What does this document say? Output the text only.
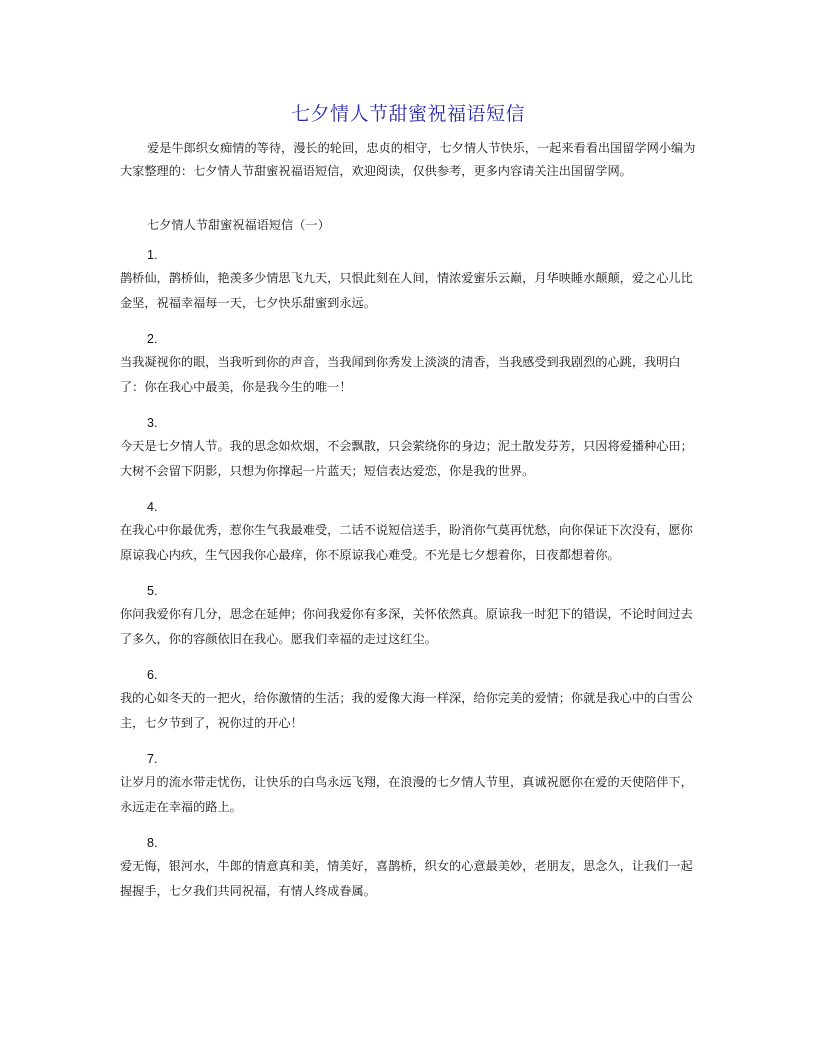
七夕情人节甜蜜祝福语短信
爱是牛郎织女痴情的等待，漫长的轮回，忠贞的相守，七夕情人节快乐，一起来看看出国留学网小编为大家整理的：七夕情人节甜蜜祝福语短信，欢迎阅读，仅供参考，更多内容请关注出国留学网。
七夕情人节甜蜜祝福语短信（一）
1.
鹊桥仙，鹊桥仙，艳羡多少情思飞九天，只恨此刻在人间，情浓爱蜜乐云巅，月华映睡水颠颠，爱之心儿比金坚，祝福幸福每一天，七夕快乐甜蜜到永远。
2.
当我凝视你的眼，当我听到你的声音，当我闻到你秀发上淡淡的清香，当我感受到我剧烈的心跳，我明白了：你在我心中最美，你是我今生的唯一！
3.
今天是七夕情人节。我的思念如炊烟，不会飘散，只会萦绕你的身边；泥土散发芬芳，只因将爱播种心田；大树不会留下阴影，只想为你撑起一片蓝天；短信表达爱恋，你是我的世界。
4.
在我心中你最优秀，惹你生气我最难受，二话不说短信送手，盼消你气莫再忧愁，向你保证下次没有，愿你原谅我心内疚，生气因我你心最痒，你不原谅我心难受。不光是七夕想着你，日夜都想着你。
5.
你问我爱你有几分，思念在延伸；你问我爱你有多深，关怀依然真。原谅我一时犯下的错误，不论时间过去了多久，你的容颜依旧在我心。愿我们幸福的走过这红尘。
6.
我的心如冬天的一把火，给你激情的生活；我的爱像大海一样深，给你完美的爱情；你就是我心中的白雪公主，七夕节到了，祝你过的开心！
7.
让岁月的流水带走忧伤，让快乐的白鸟永远飞翔，在浪漫的七夕情人节里，真诚祝愿你在爱的天使陪伴下，永远走在幸福的路上。
8.
爱无悔，银河水，牛郎的情意真和美，情美好，喜鹊桥，织女的心意最美妙，老朋友，思念久，让我们一起握握手，七夕我们共同祝福，有情人终成眷属。
